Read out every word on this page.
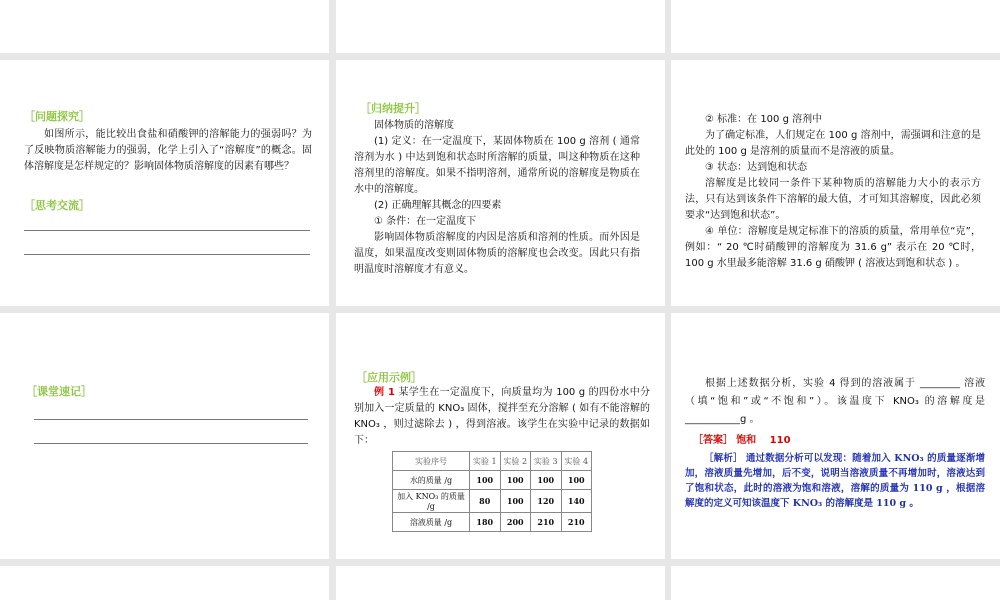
［问题探究］

如图所示，能比较出食盐和硝酸钾的溶解能力的强弱吗？为了反映物质溶解能力的强弱，化学上引入了“溶解度”的概念。固体溶解度是怎样规定的？影响固体物质溶解度的因素有哪些？

［思考交流］
［归纳提升］

固体物质的溶解度

(1) 定义：在一定温度下，某固体物质在 100 g 溶剂 ( 通常溶剂为水 ) 中达到饱和状态时所溶解的质量，叫这种物质在这种溶剂里的溶解度。如果不指明溶剂，通常所说的溶解度是物质在水中的溶解度。

(2) 正确理解其概念的四要素

① 条件：在一定温度下

影响固体物质溶解度的内因是溶质和溶剂的性质。而外因是温度，如果温度改变则固体物质的溶解度也会改变。因此只有指明温度时溶解度才有意义。

② 标准：在 100 g 溶剂中

为了确定标准，人们规定在 100 g 溶剂中，需强调和注意的是此处的 100 g 是溶剂的质量而不是溶液的质量。

③ 状态：达到饱和状态

溶解度是比较同一条件下某种物质的溶解能力大小的表示方法，只有达到该条件下溶解的最大值，才可知其溶解度，因此必须要求“达到饱和状态”。

④ 单位：溶解度是规定标准下的溶质的质量，常用单位“克”， 例如：“ 20 ℃时硝酸钾的溶解度为 31.6 g” 表示在 20 ℃时， 100 g 水里最多能溶解 31.6 g 硝酸钾 ( 溶液达到饱和状态 ) 。

［课堂速记］
［应用示例］

例 1 某学生在一定温度下，向质量均为 100 g 的四份水中分别加入一定质量的 KNO₃ 固体，搅拌至充分溶解 ( 如有不能溶解的 KNO₃ ，则过滤除去 ) ，得到溶液。该学生在实验中记录的数据如下：

实验序号	实验 1	实验 2	实验 3	实验 4
水的质量 /g	100	100	100	100
加入 KNO₃ 的质量 /g	80	100	120	140
溶液质量 /g	180	200	210	210

根据上述数据分析，实验 4 得到的溶液属于 ________ 溶液（填“饱和”或“不饱和”）。该温度下 KNO₃ 的溶解度是 ___________g 。

［答案］ 饱和　 110

［解析］ 通过数据分析可以发现：随着加入 KNO₃ 的质量逐渐增加，溶液质量先增加，后不变，说明当溶液质量不再增加时，溶液达到了饱和状态，此时的溶液为饱和溶液，溶解的质量为 110 g ，根据溶解度的定义可知该温度下 KNO₃ 的溶解度是 110 g 。
